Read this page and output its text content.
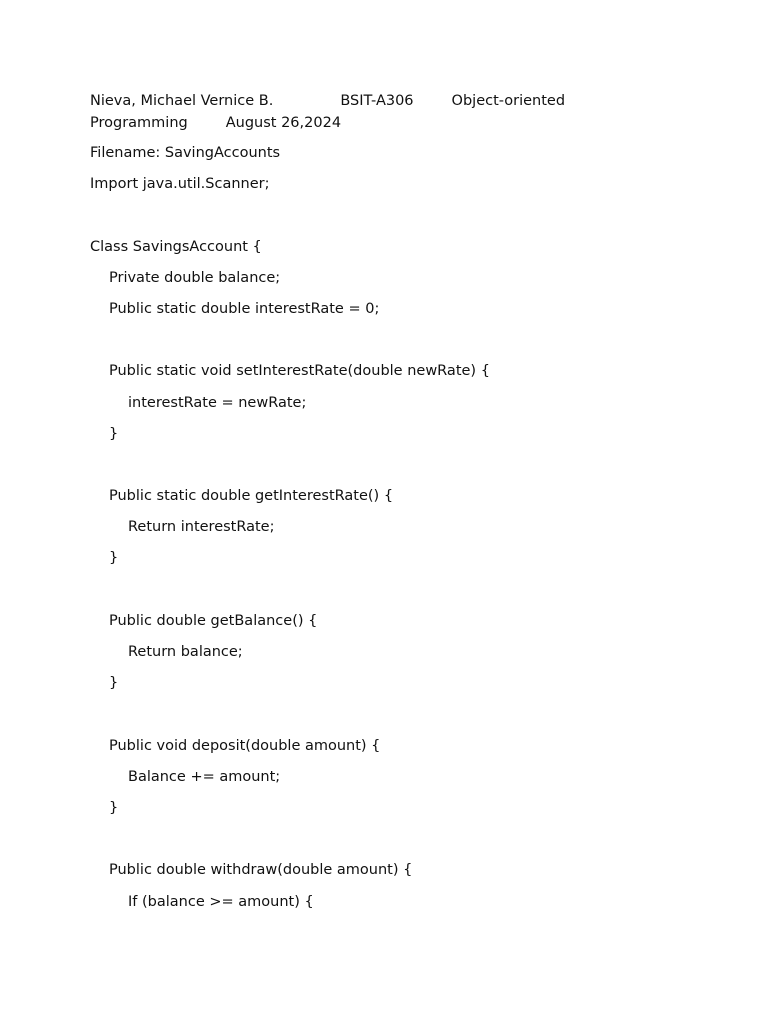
Nieva, Michael Vernice B.	BSIT-A306	Object-oriented
Programming	August 26,2024
Filename: SavingAccounts
Import java.util.Scanner;
Class SavingsAccount {
Private double balance;
Public static double interestRate = 0;
Public static void setInterestRate(double newRate) {
interestRate = newRate;
}
Public static double getInterestRate() {
Return interestRate;
}
Public double getBalance() {
Return balance;
}
Public void deposit(double amount) {
Balance += amount;
}
Public double withdraw(double amount) {
If (balance >= amount) {
